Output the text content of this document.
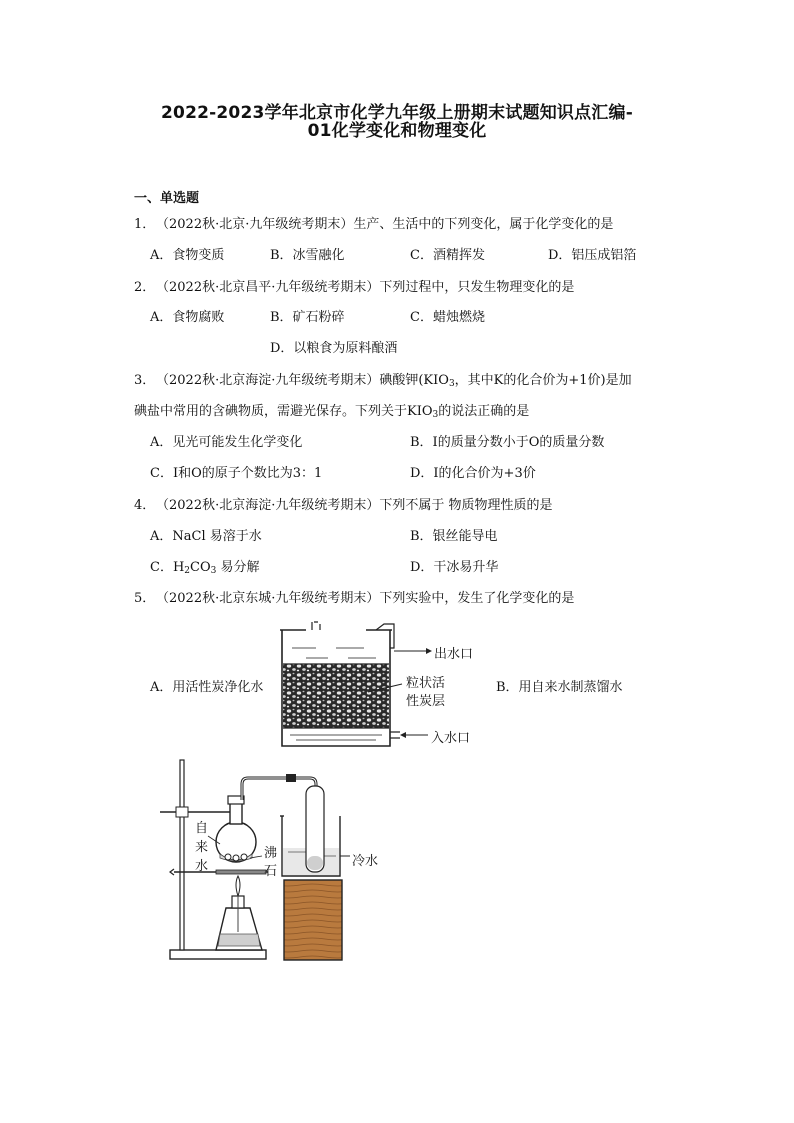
2022-2023学年北京市化学九年级上册期末试题知识点汇编-
01化学变化和物理变化
一、单选题
1．（2022秋·北京·九年级统考期末）生产、生活中的下列变化，属于化学变化的是
A．食物变质	B．冰雪融化	C．酒精挥发	D．铝压成铝箔
2．（2022秋·北京昌平·九年级统考期末）下列过程中，只发生物理变化的是
A．食物腐败	B．矿石粉碎	C．蜡烛燃烧
D．以粮食为原料酿酒
3．（2022秋·北京海淀·九年级统考期末）碘酸钾($KIO_3$，其中K的化合价为+1价)是加
碘盐中常用的含碘物质，需避光保存。下列关于$KIO_3$的说法正确的是
A．见光可能发生化学变化	B．I的质量分数小于O的质量分数
C．I和O的原子个数比为3：1	D．I的化合价为+3价
4．（2022秋·北京海淀·九年级统考期末）下列不属于 物质物理性质的是
A．NaCl 易溶于水	B．银丝能导电
C．$H_2CO_3$ 易分解	D．干冰易升华
5．（2022秋·北京东城·九年级统考期末）下列实验中，发生了化学变化的是
A．用活性炭净化水	B．用自来水制蒸馏水
出水口
粒状活
性炭层
入水口
自
来
水
沸
石
冷水
